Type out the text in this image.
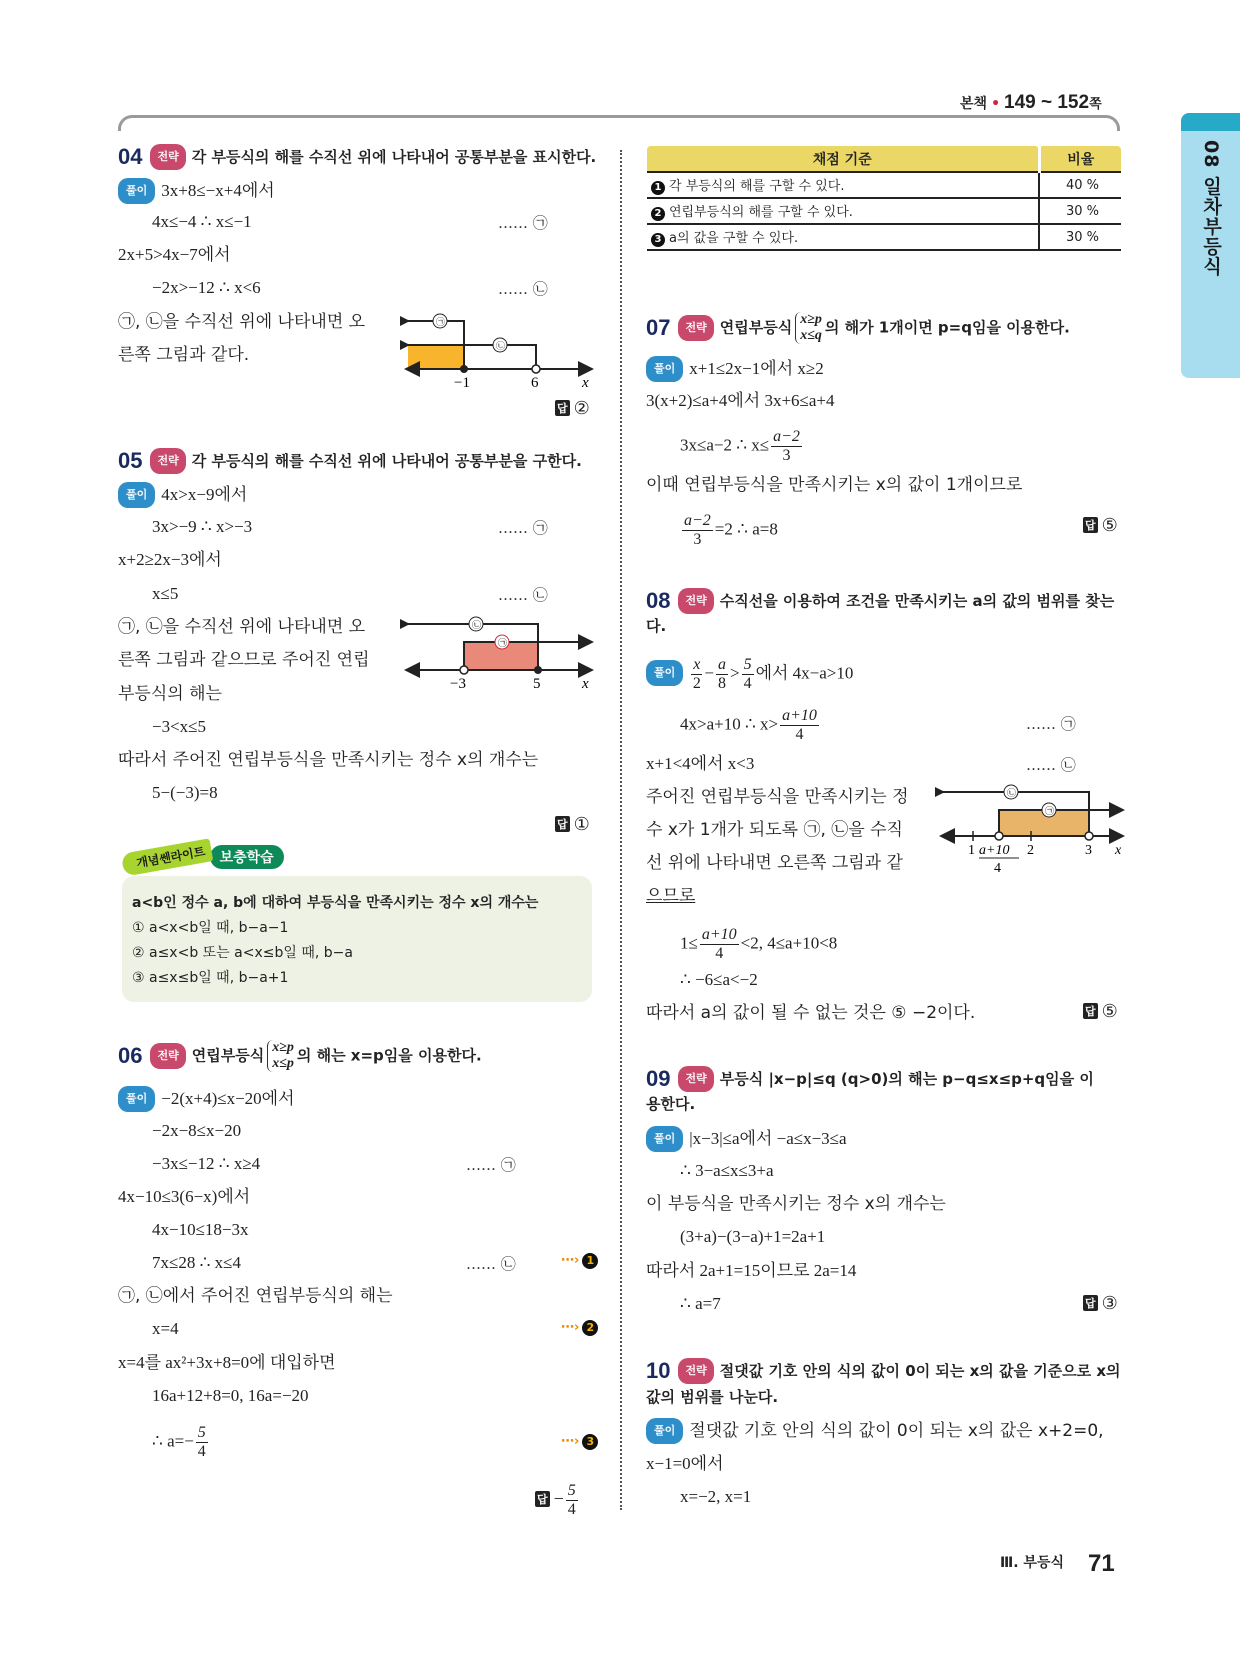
본책 • 149 ~ 152쪽
08 일차부등식
04 전략 각 부등식의 해를 수직선 위에 나타내어 공통부분을 표시한다.
풀이 3x+8≤−x+4에서
4x≤−4 ∴ x≤−1	…… ㉠
2x+5>4x−7에서
−2x>−12 ∴ x<6	…… ㉡
㉠, ㉡을 수직선 위에 나타내면 오
른쪽 그림과 같다.
㉠
㉡
−1	6	x
답 ②
05 전략 각 부등식의 해를 수직선 위에 나타내어 공통부분을 구한다.
풀이 4x>x−9에서
3x>−9 ∴ x>−3	…… ㉠
x+2≥2x−3에서
x≤5	…… ㉡
㉠, ㉡을 수직선 위에 나타내면 오
른쪽 그림과 같으므로 주어진 연립
부등식의 해는
−3<x≤5
따라서 주어진 연립부등식을 만족시키는 정수 x의 개수는
5−(−3)=8
㉡
㉠
−3	5	x
답 ①
개념쎈라이트 보충학습
a<b인 정수 a, b에 대하여 부등식을 만족시키는 정수 x의 개수는
① a<x<b일 때, b−a−1
② a≤x<b 또는 a<x≤b일 때, b−a
③ a≤x≤b일 때, b−a+1
06 전략 연립부등식 x≥p
x≤p 의 해는 x=p임을 이용한다.
풀이 −2(x+4)≤x−20에서
−2x−8≤x−20
−3x≤−12 ∴ x≥4	…… ㉠
4x−10≤3(6−x)에서
4x−10≤18−3x
7x≤28 ∴ x≤4	…… ㉡	⋯› 1
㉠, ㉡에서 주어진 연립부등식의 해는
x=4	⋯› 2
x=4를 ax²+3x+8=0에 대입하면
16a+12+8=0, 16a=−20
∴ $a=- \frac{5}{4}$	⋯› 3
답 − $\frac{5}{4}$
채점 기준	비율
1 각 부등식의 해를 구할 수 있다.	40 %
2 연립부등식의 해를 구할 수 있다.	30 %
3 a의 값을 구할 수 있다.	30 %
07 전략 연립부등식 x≥p
x≤q 의 해가 1개이면 p=q임을 이용한다.
풀이 x+1≤2x−1에서 x≥2
3(x+2)≤a+4에서 3x+6≤a+4
3x≤a−2 ∴ $x\le \frac{a-2}{3}$
이때 연립부등식을 만족시키는 x의 값이 1개이므로
$\frac{a-2}{3} =2$ ∴ a=8	답 ⑤
08 전략 수직선을 이용하여 조건을 만족시키는 a의 값의 범위를 찾는
다.
풀이 $\frac{x}{2} - \frac{a}{8} > \frac{5}{4}$ 에서 4x−a>10
4x>a+10 ∴ $x> \frac{a+10}{4}$	…… ㉠
x+1<4에서 x<3	…… ㉡
주어진 연립부등식을 만족시키는 정
수 x가 1개가 되도록 ㉠, ㉡을 수직
선 위에 나타내면 오른쪽 그림과 같
으므로
㉡
㉠
1 a+10
4
2	3 x
$1\le \frac{a+10}{4} <2$, 4≤a+10<8
∴ −6≤a<−2
따라서 a의 값이 될 수 없는 것은 ⑤ −2이다.	답 ⑤
09 전략 부등식 |x−p|≤q (q>0)의 해는 p−q≤x≤p+q임을 이
용한다.
풀이 |x−3|≤a에서 −a≤x−3≤a
∴ 3−a≤x≤3+a
이 부등식을 만족시키는 정수 x의 개수는
(3+a)−(3−a)+1=2a+1
따라서 2a+1=15이므로 2a=14
∴ a=7	답 ③
10 전략 절댓값 기호 안의 식의 값이 0이 되는 x의 값을 기준으로 x의
값의 범위를 나눈다.
풀이 절댓값 기호 안의 식의 값이 0이 되는 x의 값은 x+2=0,
x−1=0에서
x=−2, x=1
Ⅲ. 부등식 71
